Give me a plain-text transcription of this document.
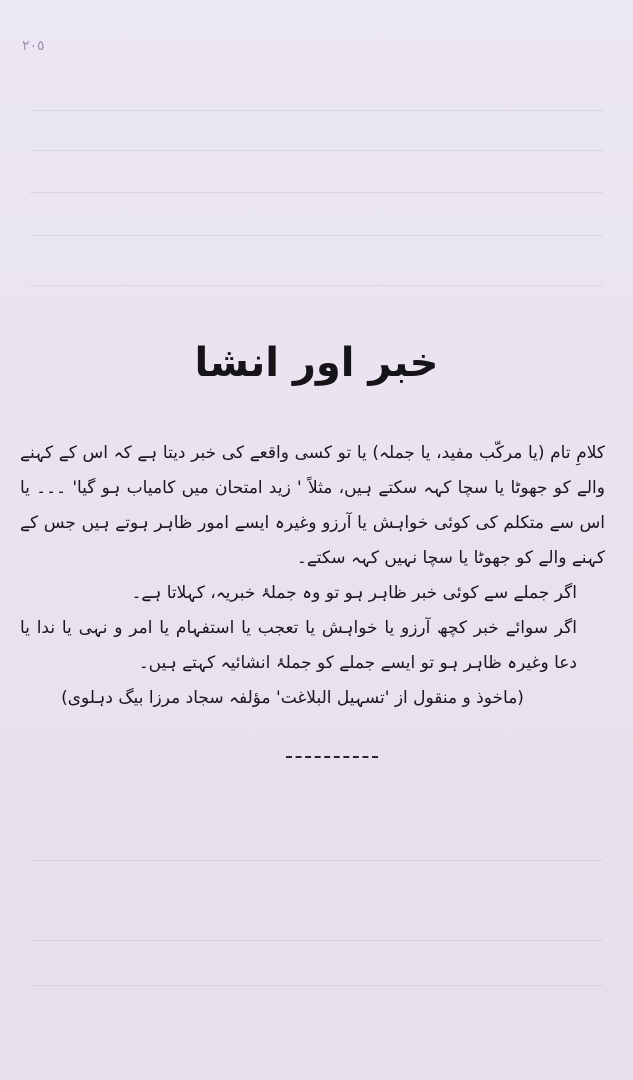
٢٠٥
خبر اور انشا

کلامِ تام (یا مرکّب مفید، یا جملہ) یا تو کسی واقعے کی خبر دیتا ہے کہ اس کے کہنے والے کو جھوٹا یا سچا کہہ سکتے ہیں، مثلاً ' زید امتحان میں کامیاب ہو گیا' ۔۔۔ یا اس سے متکلم کی کوئی خواہش یا آرزو وغیرہ ایسے امور ظاہر ہوتے ہیں جس کے کہنے والے کو جھوٹا یا سچا نہیں کہہ سکتے۔

اگر جملے سے کوئی خبر ظاہر ہو تو وہ جملۂ خبریہ، کہلاتا ہے۔

اگر سوائے خبر کچھ آرزو یا خواہش یا تعجب یا استفہام یا امر و نہی یا ندا یا دعا وغیرہ ظاہر ہو تو ایسے جملے کو جملۂ انشائیہ کہتے ہیں۔

(ماخوذ و منقول از 'تسہیل البلاغت' مؤلفہ سجاد مرزا بیگ دہلوی)
